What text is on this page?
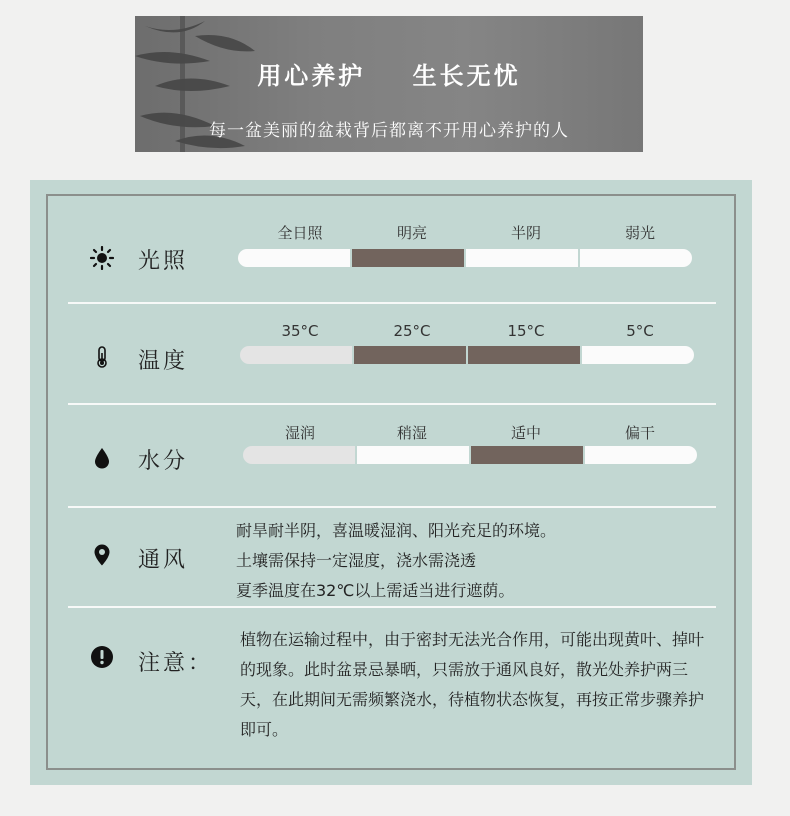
用心养护 生长无忧
每一盆美丽的盆栽背后都离不开用心养护的人
光照
全日照	明亮	半阴	弱光
温度
35°C	25°C	15°C	5°C
水分
湿润	稍湿	适中	偏干
通风
耐旱耐半阴，喜温暖湿润、阳光充足的环境。
土壤需保持一定湿度，浇水需浇透
夏季温度在32℃以上需适当进行遮荫。
注意：
植物在运输过程中，由于密封无法光合作用，可能出现黄叶、掉叶的现象。此时盆景忌暴晒，只需放于通风良好，散光处养护两三天，在此期间无需频繁浇水，待植物状态恢复，再按正常步骤养护即可。
